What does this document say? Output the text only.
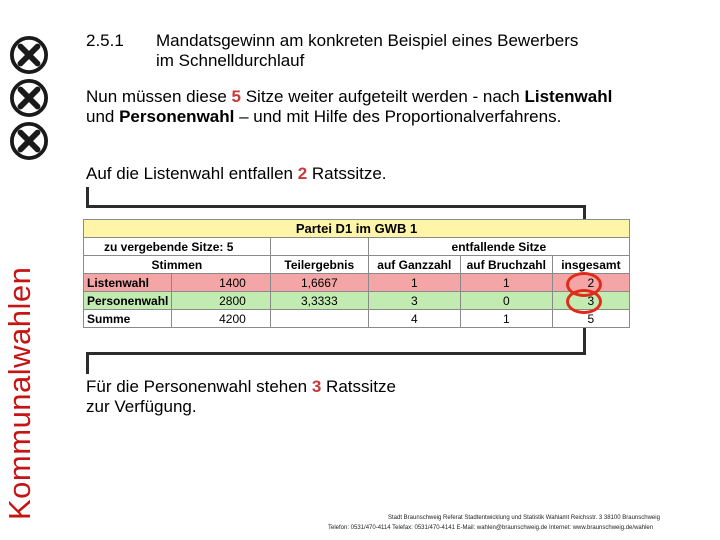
Kommunalwahlen
2.5.1 Mandatsgewinn am konkreten Beispiel eines Bewerbers
im Schnelldurchlauf
Nun müssen diese 5 Sitze weiter aufgeteilt werden - nach Listenwahl
und Personenwahl – und mit Hilfe des Proportionalverfahrens.
Auf die Listenwahl entfallen 2 Ratssitze.
Partei D1 im GWB 1					
zu vergebende Sitze: 5			entfallende Sitze		
Stimmen		Teilergebnis	auf Ganzzahl	auf Bruchzahl	insgesamt
Listenwahl	1400	1,6667	1	1	2
Personenwahl	2800	3,3333	3	0	3
Summe	4200		4	1	5
Für die Personenwahl stehen 3 Ratssitze
zur Verfügung.
Stadt Braunschweig Referat Stadtentwicklung und Statistik Wahlamt Reichsstr. 3 38100 Braunschweig
Telefon: 0531/470-4114 Telefax: 0531/470-4141 E-Mail: wahlen@braunschweig.de Internet: www.braunschweig.de/wahlen
